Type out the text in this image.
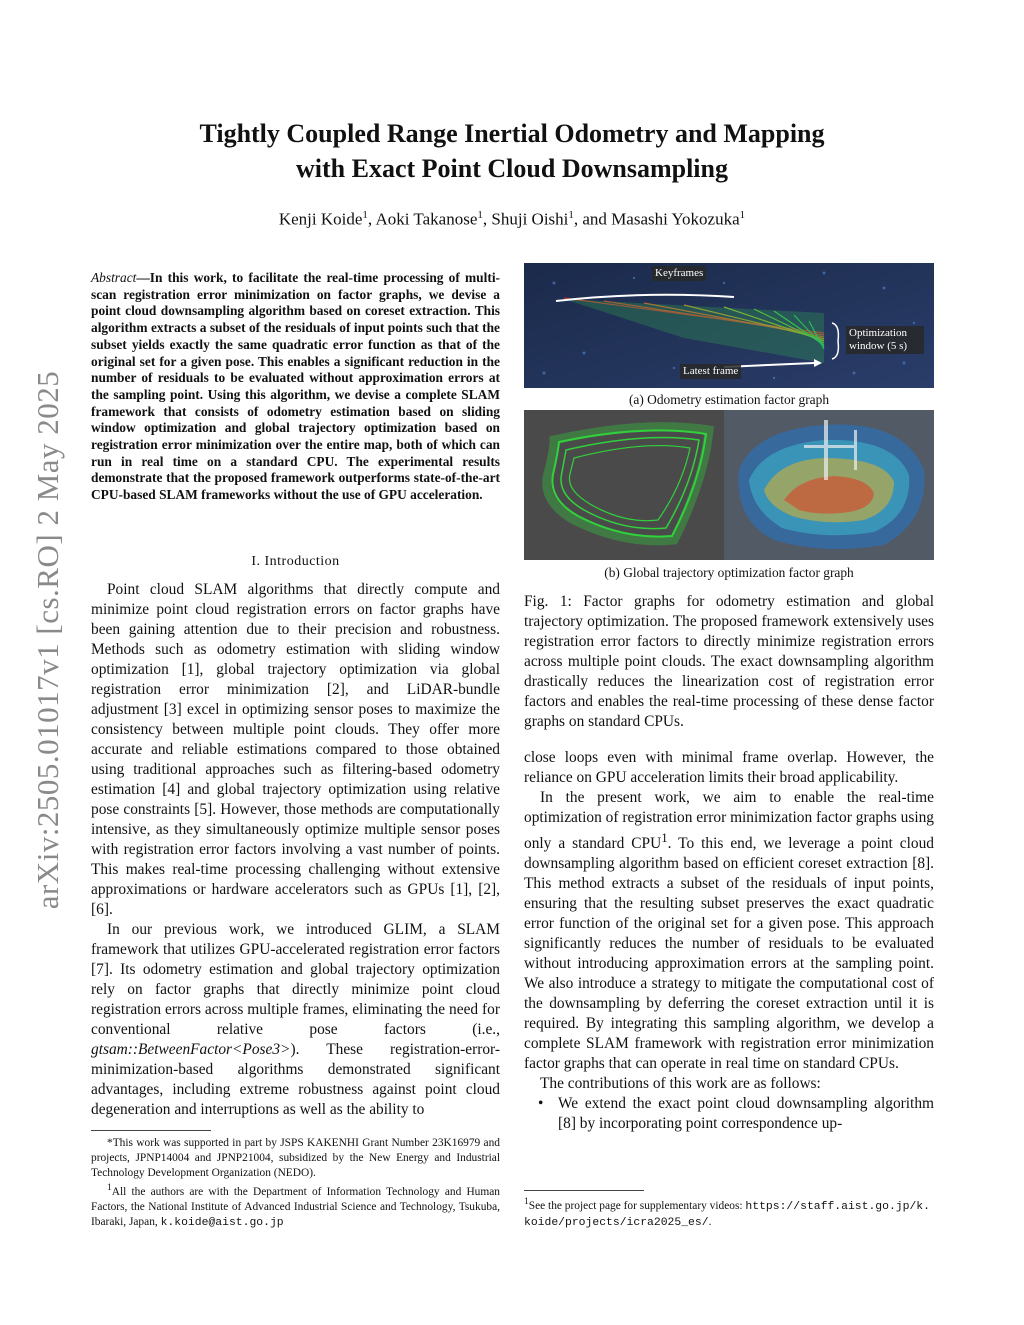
arXiv:2505.01017v1 [cs.RO] 2 May 2025
Tightly Coupled Range Inertial Odometry and Mapping
with Exact Point Cloud Downsampling
Kenji Koide$^1$, Aoki Takanose$^1$, Shuji Oishi$^1$, and Masashi Yokozuka$^1$

Abstract—In this work, to facilitate the real-time processing of multi-scan registration error minimization on factor graphs, we devise a point cloud downsampling algorithm based on coreset extraction. This algorithm extracts a subset of the residuals of input points such that the subset yields exactly the same quadratic error function as that of the original set for a given pose. This enables a significant reduction in the number of residuals to be evaluated without approximation errors at the sampling point. Using this algorithm, we devise a complete SLAM framework that consists of odometry estimation based on sliding window optimization and global trajectory optimization based on registration error minimization over the entire map, both of which can run in real time on a standard CPU. The experimental results demonstrate that the proposed framework outperforms state-of-the-art CPU-based SLAM frameworks without the use of GPU acceleration.

I. Introduction

Point cloud SLAM algorithms that directly compute and minimize point cloud registration errors on factor graphs have been gaining attention due to their precision and robustness. Methods such as odometry estimation with sliding window optimization [1], global trajectory optimization via global registration error minimization [2], and LiDAR-bundle adjustment [3] excel in optimizing sensor poses to maximize the consistency between multiple point clouds. They offer more accurate and reliable estimations compared to those obtained using traditional approaches such as filtering-based odometry estimation [4] and global trajectory optimization using relative pose constraints [5]. However, those methods are computationally intensive, as they simultaneously optimize multiple sensor poses with registration error factors involving a vast number of points. This makes real-time processing challenging without extensive approximations or hardware accelerators such as GPUs [1], [2], [6].

In our previous work, we introduced GLIM, a SLAM framework that utilizes GPU-accelerated registration error factors [7]. Its odometry estimation and global trajectory optimization rely on factor graphs that directly minimize point cloud registration errors across multiple frames, eliminating the need for conventional relative pose factors (i.e., gtsam::BetweenFactor<Pose3>). These registration-error-minimization-based algorithms demonstrated significant advantages, including extreme robustness against point cloud degeneration and interruptions as well as the ability to

*This work was supported in part by JSPS KAKENHI Grant Number 23K16979 and projects, JPNP14004 and JPNP21004, subsidized by the New Energy and Industrial Technology Development Organization (NEDO).

$^1$All the authors are with the Department of Information Technology and Human Factors, the National Institute of Advanced Industrial Science and Technology, Tsukuba, Ibaraki, Japan, k.koide@aist.go.jp

Keyframes
Optimization window (5 s)
Latest frame
(a) Odometry estimation factor graph
(b) Global trajectory optimization factor graph
Fig. 1: Factor graphs for odometry estimation and global trajectory optimization. The proposed framework extensively uses registration error factors to directly minimize registration errors across multiple point clouds. The exact downsampling algorithm drastically reduces the linearization cost of registration error factors and enables the real-time processing of these dense factor graphs on standard CPUs.

close loops even with minimal frame overlap. However, the reliance on GPU acceleration limits their broad applicability.

In the present work, we aim to enable the real-time optimization of registration error minimization factor graphs using only a standard CPU$^1$. To this end, we leverage a point cloud downsampling algorithm based on efficient coreset extraction [8]. This method extracts a subset of the residuals of input points, ensuring that the resulting subset preserves the exact quadratic error function of the original set for a given pose. This approach significantly reduces the number of residuals to be evaluated without introducing approximation errors at the sampling point. We also introduce a strategy to mitigate the computational cost of the downsampling by deferring the coreset extraction until it is required. By integrating this sampling algorithm, we develop a complete SLAM framework with registration error minimization factor graphs that can operate in real time on standard CPUs.

The contributions of this work are as follows:

• We extend the exact point cloud downsampling algorithm [8] by incorporating point correspondence up-

$^1$See the project page for supplementary videos: https://staff.aist.go.jp/k.koide/projects/icra2025_es/.
